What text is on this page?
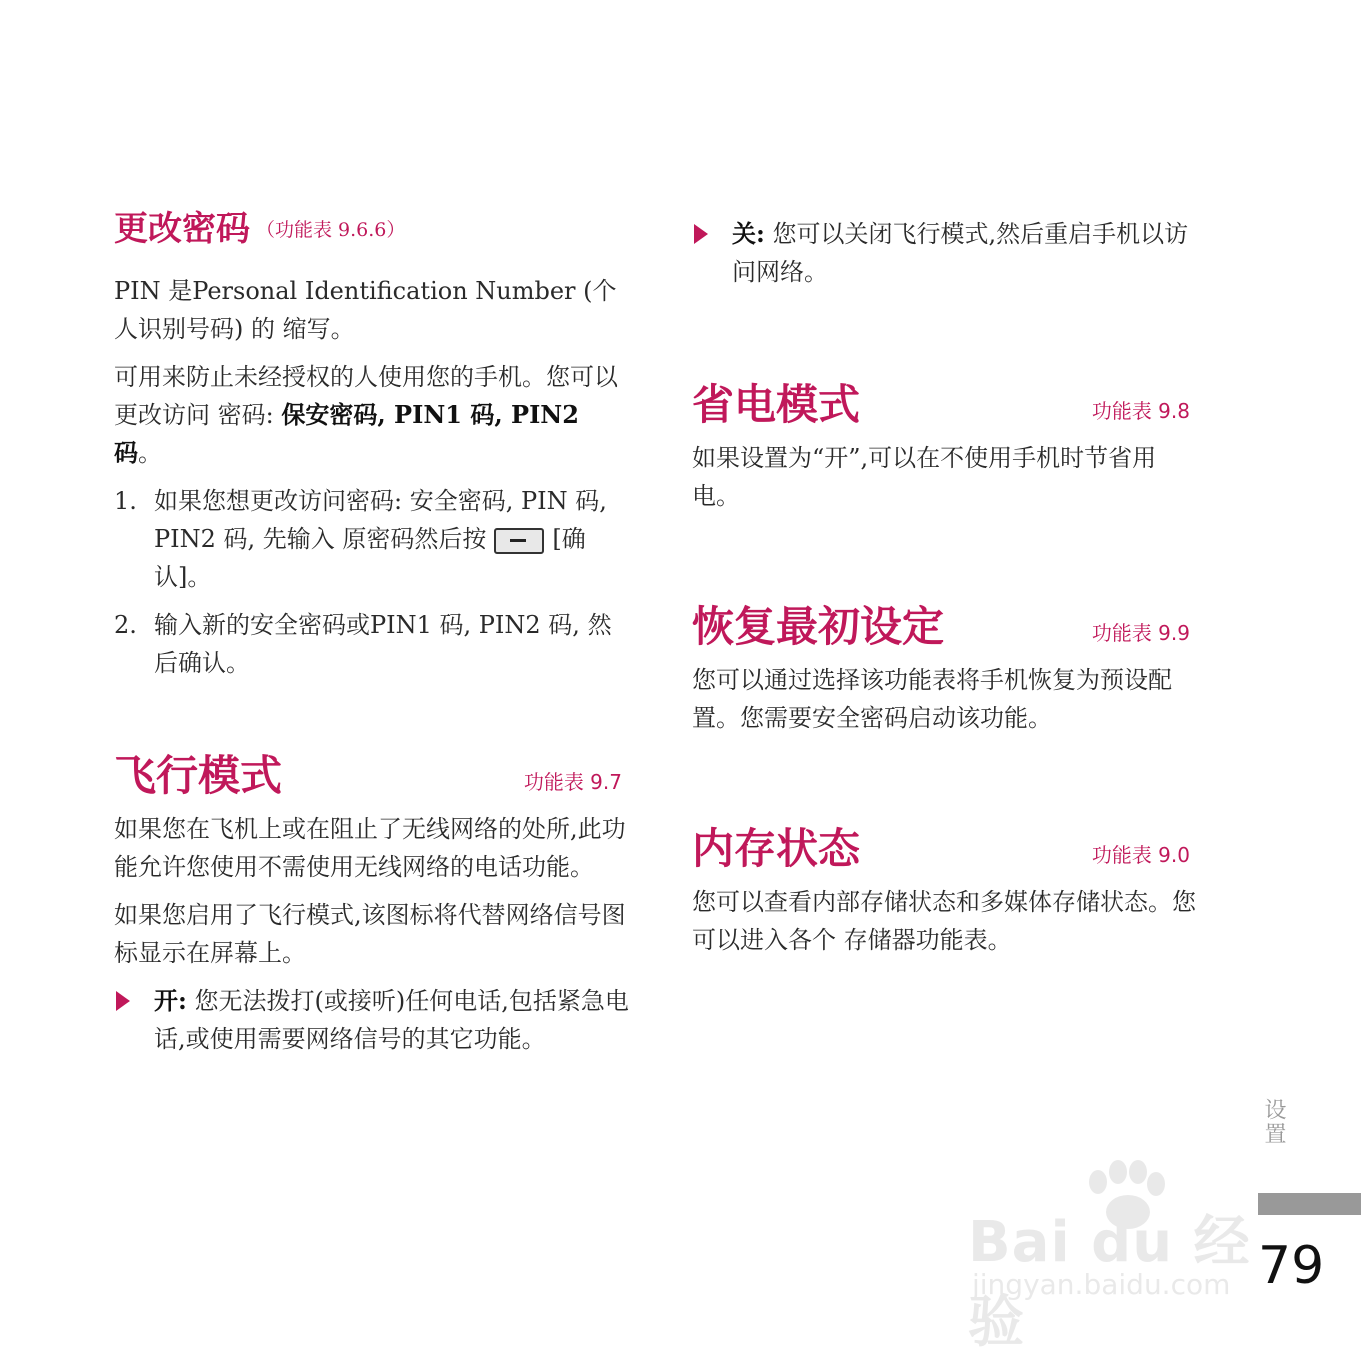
更改密码 （功能表 9.6.6）

PIN 是Personal Identification Number (个人识别号码) 的 缩写。

可用来防止未经授权的人使用您的手机。您可以更改访问 密码: 保安密码, PIN1 码, PIN2 码。

1. 如果您想更改访问密码: 安全密码, PIN 码, PIN2 码, 先输入 原密码然后按	[确认]。
2. 输入新的安全密码或PIN1 码, PIN2 码, 然后确认。
飞行模式	功能表 9.7

如果您在飞机上或在阻止了无线网络的处所,此功能允许您使用不需使用无线网络的电话功能。

如果您启用了飞行模式,该图标将代替网络信号图标显示在屏幕上。

开: 您无法拨打(或接听)任何电话,包括紧急电话,或使用需要网络信号的其它功能。
关: 您可以关闭飞行模式,然后重启手机以访问网络。
省电模式	功能表 9.8

如果设置为“开”,可以在不使用手机时节省用电。

恢复最初设定	功能表 9.9

您可以通过选择该功能表将手机恢复为预设配置。您需要安全密码启动该功能。

内存状态	功能表 9.0

您可以查看内部存储状态和多媒体存储状态。您可以进入各个 存储器功能表。

设置
Bai du 经验
jingyan.baidu.com 79
